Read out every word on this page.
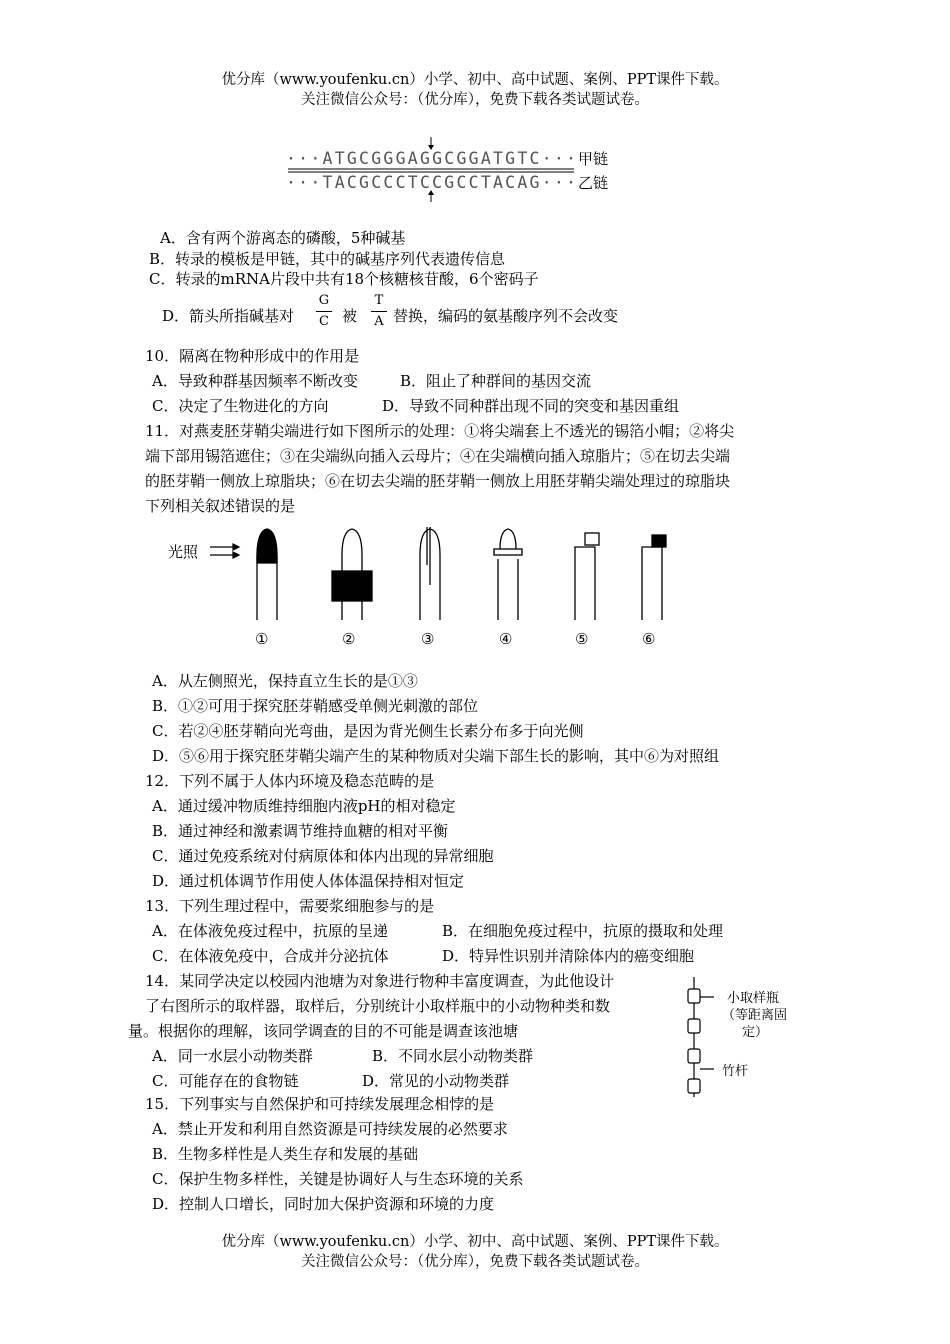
优分库（www.youfenku.cn）小学、初中、高中试题、案例、PPT课件下载。
关注微信公众号：（优分库），免费下载各类试题试卷。
···ATGCGGGAGGCGGATGTC···
···TACGCCCTCCGCCTACAG···
甲链
乙链
A．含有两个游离态的磷酸，5种碱基
B．转录的模板是甲链，其中的碱基序列代表遗传信息
C．转录的mRNA片段中共有18个核糖核苷酸，6个密码子
D．箭头所指碱基对
G
C 被
T
A 替换，编码的氨基酸序列不会改变
10．隔离在物种形成中的作用是
A．导致种群基因频率不断改变	B．阻止了种群间的基因交流
C．决定了生物进化的方向	D．导致不同种群出现不同的突变和基因重组
11．对燕麦胚芽鞘尖端进行如下图所示的处理：①将尖端套上不透光的锡箔小帽；②将尖
端下部用锡箔遮住；③在尖端纵向插入云母片；④在尖端横向插入琼脂片；⑤在切去尖端
的胚芽鞘一侧放上琼脂块；⑥在切去尖端的胚芽鞘一侧放上用胚芽鞘尖端处理过的琼脂块
下列相关叙述错误的是
光照
①	②	③	④	⑤	⑥
A．从左侧照光，保持直立生长的是①③
B．①②可用于探究胚芽鞘感受单侧光刺激的部位
C．若②④胚芽鞘向光弯曲，是因为背光侧生长素分布多于向光侧
D．⑤⑥用于探究胚芽鞘尖端产生的某种物质对尖端下部生长的影响，其中⑥为对照组
12．下列不属于人体内环境及稳态范畴的是
A．通过缓冲物质维持细胞内液pH的相对稳定
B．通过神经和激素调节维持血糖的相对平衡
C．通过免疫系统对付病原体和体内出现的异常细胞
D．通过机体调节作用使人体体温保持相对恒定
13．下列生理过程中，需要浆细胞参与的是
A．在体液免疫过程中，抗原的呈递	B．在细胞免疫过程中，抗原的摄取和处理
C．在体液免疫中，合成并分泌抗体	D．特异性识别并清除体内的癌变细胞
14．某同学决定以校园内池塘为对象进行物种丰富度调查，为此他设计
了右图所示的取样器，取样后，分别统计小取样瓶中的小动物种类和数
量。根据你的理解，该同学调查的目的不可能是调查该池塘
A．同一水层小动物类群	B．不同水层小动物类群
C．可能存在的食物链	D．常见的小动物类群
小取样瓶
（等距离固
定）
竹杆
15．下列事实与自然保护和可持续发展理念相悖的是
A．禁止开发和利用自然资源是可持续发展的必然要求
B．生物多样性是人类生存和发展的基础
C．保护生物多样性，关键是协调好人与生态环境的关系
D．控制人口增长，同时加大保护资源和环境的力度
优分库（www.youfenku.cn）小学、初中、高中试题、案例、PPT课件下载。
关注微信公众号：（优分库），免费下载各类试题试卷。
